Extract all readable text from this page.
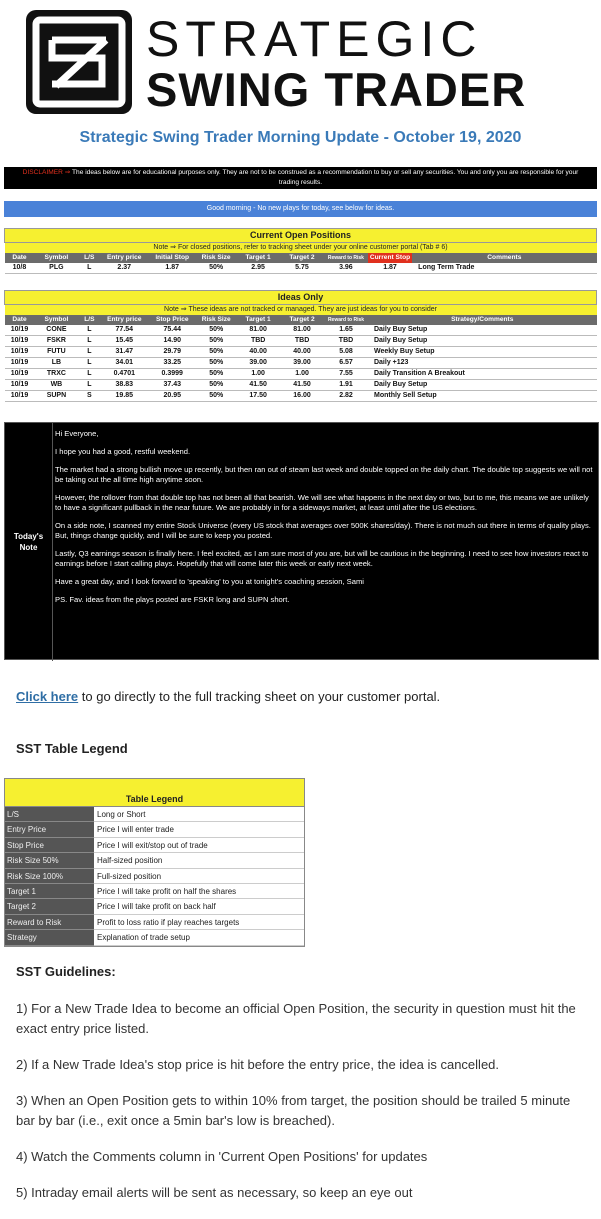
STRATEGIC
SWING TRADER
Strategic Swing Trader Morning Update - October 19, 2020
DISCLAIMER ⇒ The ideas below are for educational purposes only. They are not to be construed as a recommendation to buy or sell any securities. You and only you are responsible for your trading results.
Good morning - No new plays for today, see below for ideas.
Current Open Positions										
Note ⇒ For closed positions, refer to tracking sheet under your online customer portal (Tab # 6)										
Date	Symbol	L/S	Entry price	Initial Stop	Risk Size	Target 1	Target 2	Reward to Risk	Current Stop	Comments
10/8	PLG	L	2.37	1.87	50%	2.95	5.75	3.96	1.87	Long Term Trade
Ideas Only									
Note ⇒ These ideas are not tracked or managed. They are just ideas for you to consider									
Date	Symbol	L/S	Entry price	Stop Price	Risk Size	Target 1	Target 2	Reward to Risk	Strategy/Comments
10/19	CONE	L	77.54	75.44	50%	81.00	81.00	1.65	Daily Buy Setup
10/19	FSKR	L	15.45	14.90	50%	TBD	TBD	TBD	Daily Buy Setup
10/19	FUTU	L	31.47	29.79	50%	40.00	40.00	5.08	Weekly Buy Setup
10/19	LB	L	34.01	33.25	50%	39.00	39.00	6.57	Daily +123
10/19	TRXC	L	0.4701	0.3999	50%	1.00	1.00	7.55	Daily Transition A Breakout
10/19	WB	L	38.83	37.43	50%	41.50	41.50	1.91	Daily Buy Setup
10/19	SUPN	S	19.85	20.95	50%	17.50	16.00	2.82	Monthly Sell Setup
Today's Note

Hi Everyone,

I hope you had a good, restful weekend.

The market had a strong bullish move up recently, but then ran out of steam last week and double topped on the daily chart. The double top suggests we will not be taking out the all time high anytime soon.

However, the rollover from that double top has not been all that bearish. We will see what happens in the next day or two, but to me, this means we are unlikely to have a significant pullback in the near future. We are probably in for a sideways market, at least until after the US elections.

On a side note, I scanned my entire Stock Universe (every US stock that averages over 500K shares/day). There is not much out there in terms of quality plays. But, things change quickly, and I will be sure to keep you posted.

Lastly, Q3 earnings season is finally here. I feel excited, as I am sure most of you are, but will be cautious in the beginning. I need to see how investors react to earnings before I start calling plays. Hopefully that will come later this week or early next week.

Have a great day, and I look forward to 'speaking' to you at tonight's coaching session, Sami

PS. Fav. ideas from the plays posted are FSKR long and SUPN short.

Click here to go directly to the full tracking sheet on your customer portal.
SST Table Legend
Table Legend
L/S	Long or Short
Entry Price	Price I will enter trade
Stop Price	Price I will exit/stop out of trade
Risk Size 50%	Half-sized position
Risk Size 100%	Full-sized position
Target 1	Price I will take profit on half the shares
Target 2	Price I will take profit on back half
Reward to Risk	Profit to loss ratio if play reaches targets
Strategy	Explanation of trade setup
SST Guidelines:
1) For a New Trade Idea to become an official Open Position, the security in question must hit the exact entry price listed.
2) If a New Trade Idea's stop price is hit before the entry price, the idea is cancelled.
3) When an Open Position gets to within 10% from target, the position should be trailed 5 minute bar by bar (i.e., exit once a 5min bar's low is breached).
4) Watch the Comments column in 'Current Open Positions' for updates
5) Intraday email alerts will be sent as necessary, so keep an eye out
